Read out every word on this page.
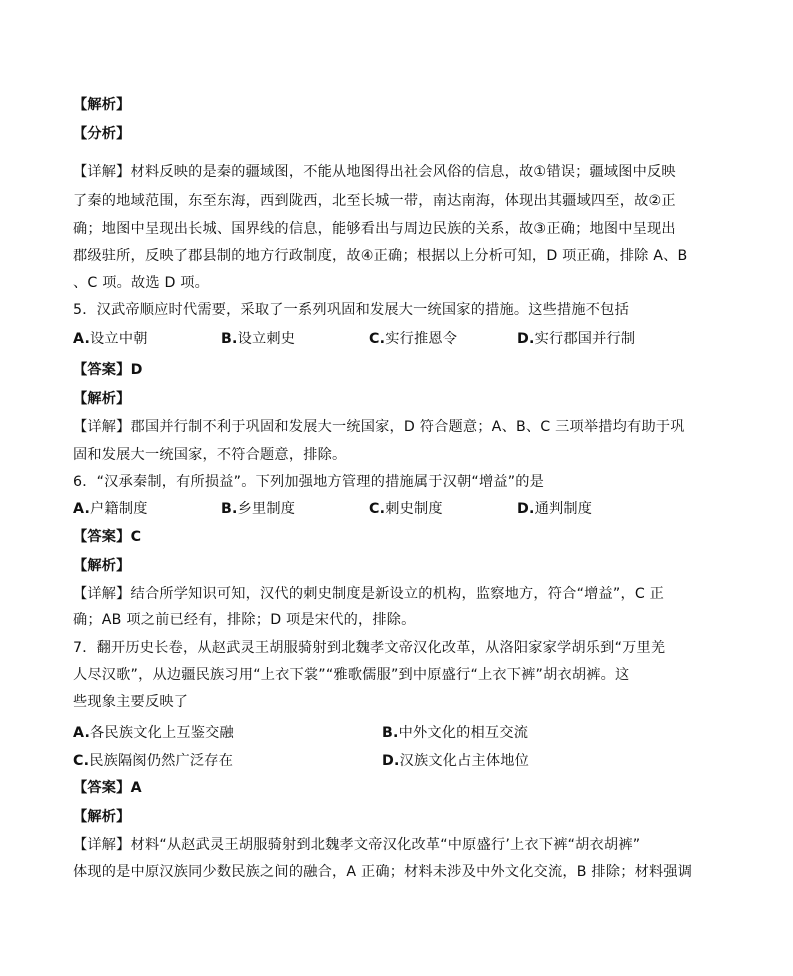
【解析】
【分析】
【详解】材料反映的是秦的疆域图，不能从地图得出社会风俗的信息，故①错误；疆域图中反映
了秦的地域范围，东至东海，西到陇西，北至长城一带，南达南海，体现出其疆域四至，故②正
确；地图中呈现出长城、国界线的信息，能够看出与周边民族的关系，故③正确；地图中呈现出
郡级驻所，反映了郡县制的地方行政制度，故④正确；根据以上分析可知，D 项正确，排除 A、B
、C 项。故选 D 项。
5．汉武帝顺应时代需要，采取了一系列巩固和发展大一统国家的措施。这些措施不包括
A.设立中朝	B.设立刺史	C.实行推恩令	D.实行郡国并行制
【答案】D
【解析】
【详解】郡国并行制不利于巩固和发展大一统国家，D 符合题意；A、B、C 三项举措均有助于巩
固和发展大一统国家，不符合题意，排除。
6．“汉承秦制，有所损益”。下列加强地方管理的措施属于汉朝“增益”的是
A.户籍制度	B.乡里制度	C.刺史制度	D.通判制度
【答案】C
【解析】
【详解】结合所学知识可知，汉代的刺史制度是新设立的机构，监察地方，符合“增益”，C 正
确；AB 项之前已经有，排除；D 项是宋代的，排除。
7．翻开历史长卷，从赵武灵王胡服骑射到北魏孝文帝汉化改革，从洛阳家家学胡乐到“万里羌
人尽汉歌”，从边疆民族习用“上衣下裳”“雅歌儒服”到中原盛行“上衣下裤”胡衣胡裤。这
些现象主要反映了
A.各民族文化上互鉴交融	B.中外文化的相互交流
C.民族隔阂仍然广泛存在	D.汉族文化占主体地位
【答案】A
【解析】
【详解】材料“从赵武灵王胡服骑射到北魏孝文帝汉化改革“中原盛行’上衣下裤“胡衣胡裤”
体现的是中原汉族同少数民族之间的融合，A 正确；材料未涉及中外文化交流，B 排除；材料强调
